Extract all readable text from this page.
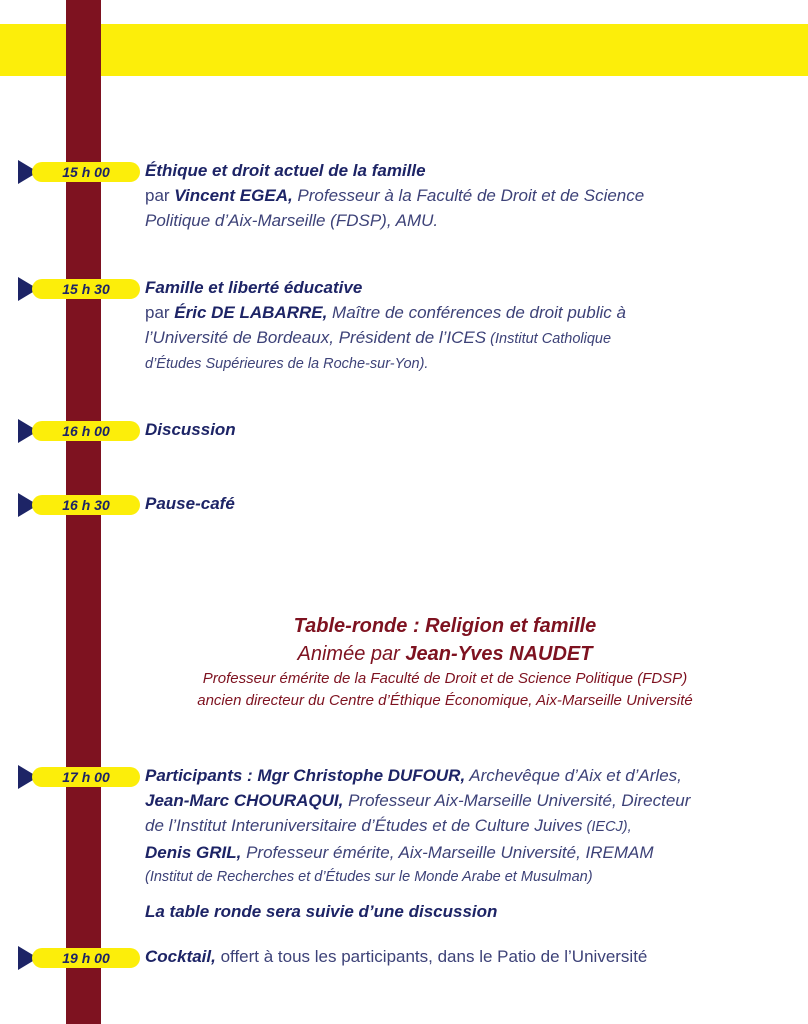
15 h 00
15 h 30
16 h 00
16 h 30
17 h 00
19 h 00
Éthique et droit actuel de la famille
par Vincent EGEA, Professeur à la Faculté de Droit et de Science
Politique d’Aix-Marseille (FDSP), AMU.
Famille et liberté éducative
par Éric DE LABARRE, Maître de conférences de droit public à
l’Université de Bordeaux, Président de l’ICES (Institut Catholique
d’Études Supérieures de la Roche-sur-Yon).
Discussion
Pause-café
Table-ronde : Religion et famille
Animée par Jean-Yves NAUDET
Professeur émérite de la Faculté de Droit et de Science Politique (FDSP)
ancien directeur du Centre d’Éthique Économique, Aix-Marseille Université
Participants : Mgr Christophe DUFOUR, Archevêque d’Aix et d’Arles,
Jean-Marc CHOURAQUI, Professeur Aix-Marseille Université, Directeur
de l’Institut Interuniversitaire d’Études et de Culture Juives (IECJ),
Denis GRIL, Professeur émérite, Aix-Marseille Université, IREMAM
(Institut de Recherches et d’Études sur le Monde Arabe et Musulman)
La table ronde sera suivie d’une discussion
Cocktail, offert à tous les participants, dans le Patio de l’Université
